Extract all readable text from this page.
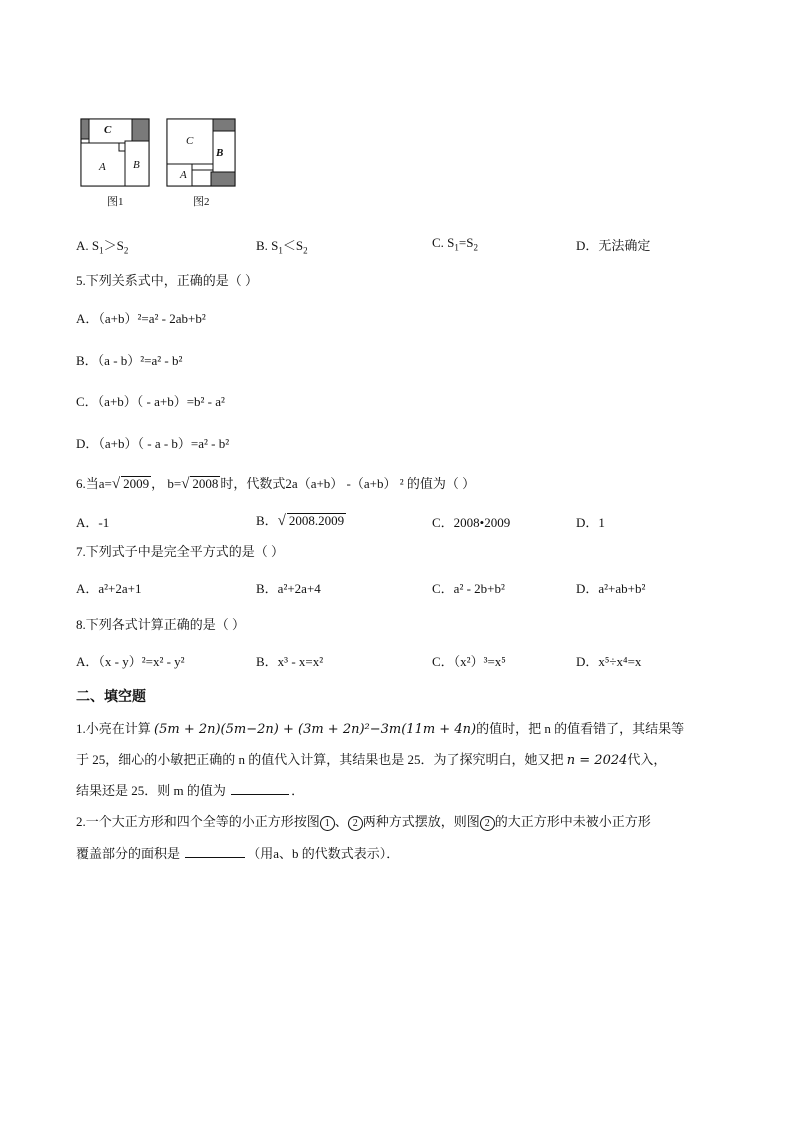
C
A B
图1
C
B
A
图2
A. $S_1>S_2$	B. $S_1<S_2$
C. $S_1=S_2$	D．无法确定
5.下列关系式中，正确的是（ ）
A．（a+b）²=a² - 2ab+b²
B．（a - b）²=a² - b²
C．（a+b）（ - a+b）=b² - a²
D．（a+b）（ - a - b）=a² - b²
6.当a=√ 2009 ， b=√ 2008 时，代数式2a（a+b） -（a+b） ² 的值为（ ）
A．-1	B．√ 2008.2009	C．2008•2009	D．1
7.下列式子中是完全平方式的是（ ）
A．a²+2a+1	B．a²+2a+4	C．a² - 2b+b²	D．a²+ab+b²
8.下列各式计算正确的是（ ）
A．（x - y）²=x² - y²	B．x³ - x=x²	C．（x²）³=x⁵	D．x⁵÷x⁴=x
二、填空题
1.小亮在计算 (5m + 2n)(5m−2n) + (3m + 2n)²−3m(11m + 4n)的值时，把 n 的值看错了，其结果等
于 25，细心的小敏把正确的 n 的值代入计算，其结果也是 25．为了探究明白，她又把 n = 2024代入，
结果还是 25．则 m 的值为	．
2.一个大正方形和四个全等的小正方形按图 1 、 2 两种方式摆放，则图 2 的大正方形中未被小正方形
覆盖部分的面积是	（用a、b 的代数式表示）．
